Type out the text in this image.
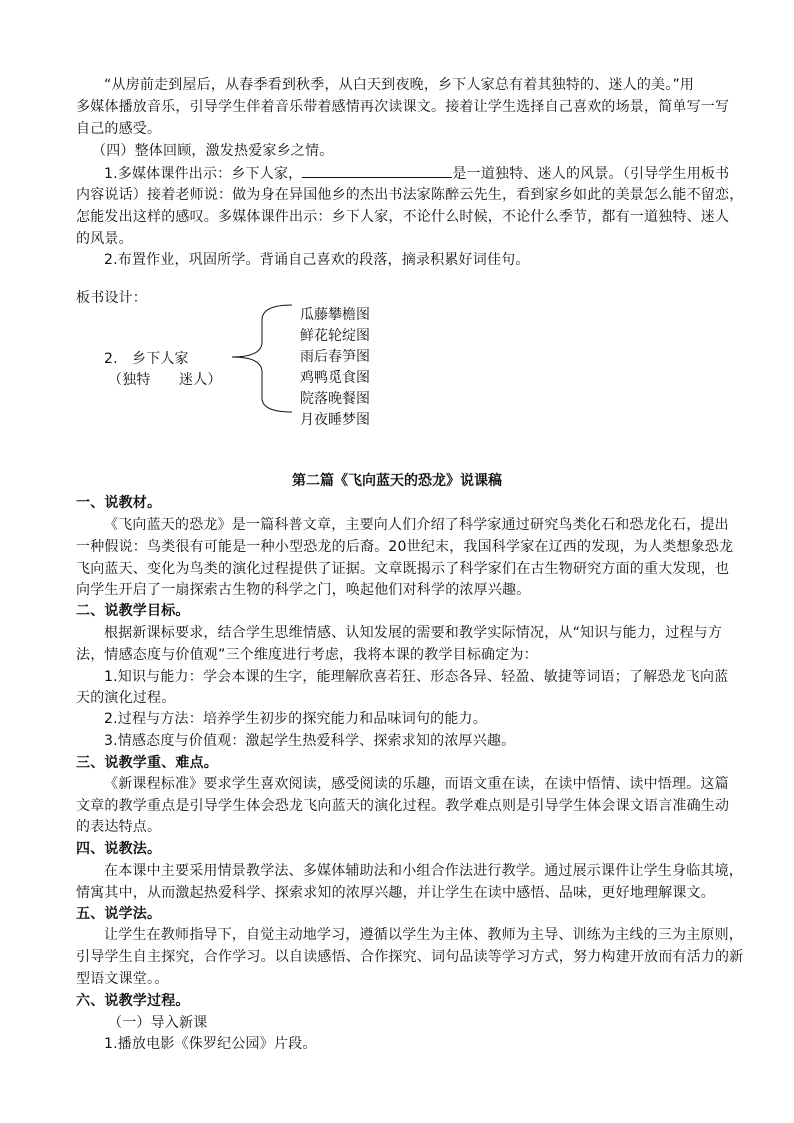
“从房前走到屋后，从春季看到秋季，从白天到夜晚，乡下人家总有着其独特的、迷人的美。”用
多媒体播放音乐，引导学生伴着音乐带着感情再次读课文。接着让学生选择自己喜欢的场景，简单写一写
自己的感受。
（四）整体回顾，激发热爱家乡之情。
1.多媒体课件出示：乡下人家，	是一道独特、迷人的风景。（引导学生用板书
内容说话）接着老师说：做为身在异国他乡的杰出书法家陈醉云先生，看到家乡如此的美景怎么能不留恋，
怎能发出这样的感叹。多媒体课件出示：乡下人家，不论什么时候，不论什么季节，都有一道独特、迷人
的风景。
2.布置作业，巩固所学。背诵自己喜欢的段落，摘录积累好词佳句。
板书设计：
2.　乡下人家
（独特　　迷人）
瓜藤攀檐图
鲜花轮绽图
雨后春笋图
鸡鸭觅食图
院落晚餐图
月夜睡梦图
第二篇《飞向蓝天的恐龙》说课稿
一、说教材。
《飞向蓝天的恐龙》是一篇科普文章，主要向人们介绍了科学家通过研究鸟类化石和恐龙化石，提出
一种假说：鸟类很有可能是一种小型恐龙的后裔。20世纪末，我国科学家在辽西的发现，为人类想象恐龙
飞向蓝天、变化为鸟类的演化过程提供了证据。文章既揭示了科学家们在古生物研究方面的重大发现，也
向学生开启了一扇探索古生物的科学之门，唤起他们对科学的浓厚兴趣。
二、说教学目标。
根据新课标要求，结合学生思维情感、认知发展的需要和教学实际情况，从“知识与能力，过程与方
法，情感态度与价值观”三个维度进行考虑，我将本课的教学目标确定为：
1.知识与能力：学会本课的生字，能理解欣喜若狂、形态各异、轻盈、敏捷等词语；了解恐龙飞向蓝
天的演化过程。
2.过程与方法：培养学生初步的探究能力和品味词句的能力。
3.情感态度与价值观：激起学生热爱科学、探索求知的浓厚兴趣。
三、说教学重、难点。
《新课程标准》要求学生喜欢阅读，感受阅读的乐趣，而语文重在读，在读中悟情、读中悟理。这篇
文章的教学重点是引导学生体会恐龙飞向蓝天的演化过程。教学难点则是引导学生体会课文语言准确生动
的表达特点。
四、说教法。
在本课中主要采用情景教学法、多媒体辅助法和小组合作法进行教学。通过展示课件让学生身临其境，
情寓其中，从而激起热爱科学、探索求知的浓厚兴趣，并让学生在读中感悟、品味，更好地理解课文。
五、说学法。
让学生在教师指导下，自觉主动地学习，遵循以学生为主体、教师为主导、训练为主线的三为主原则，
引导学生自主探究，合作学习。以自读感悟、合作探究、词句品读等学习方式，努力构建开放而有活力的新
型语文课堂。。
六、说教学过程。
（一）导入新课
1.播放电影《侏罗纪公园》片段。
